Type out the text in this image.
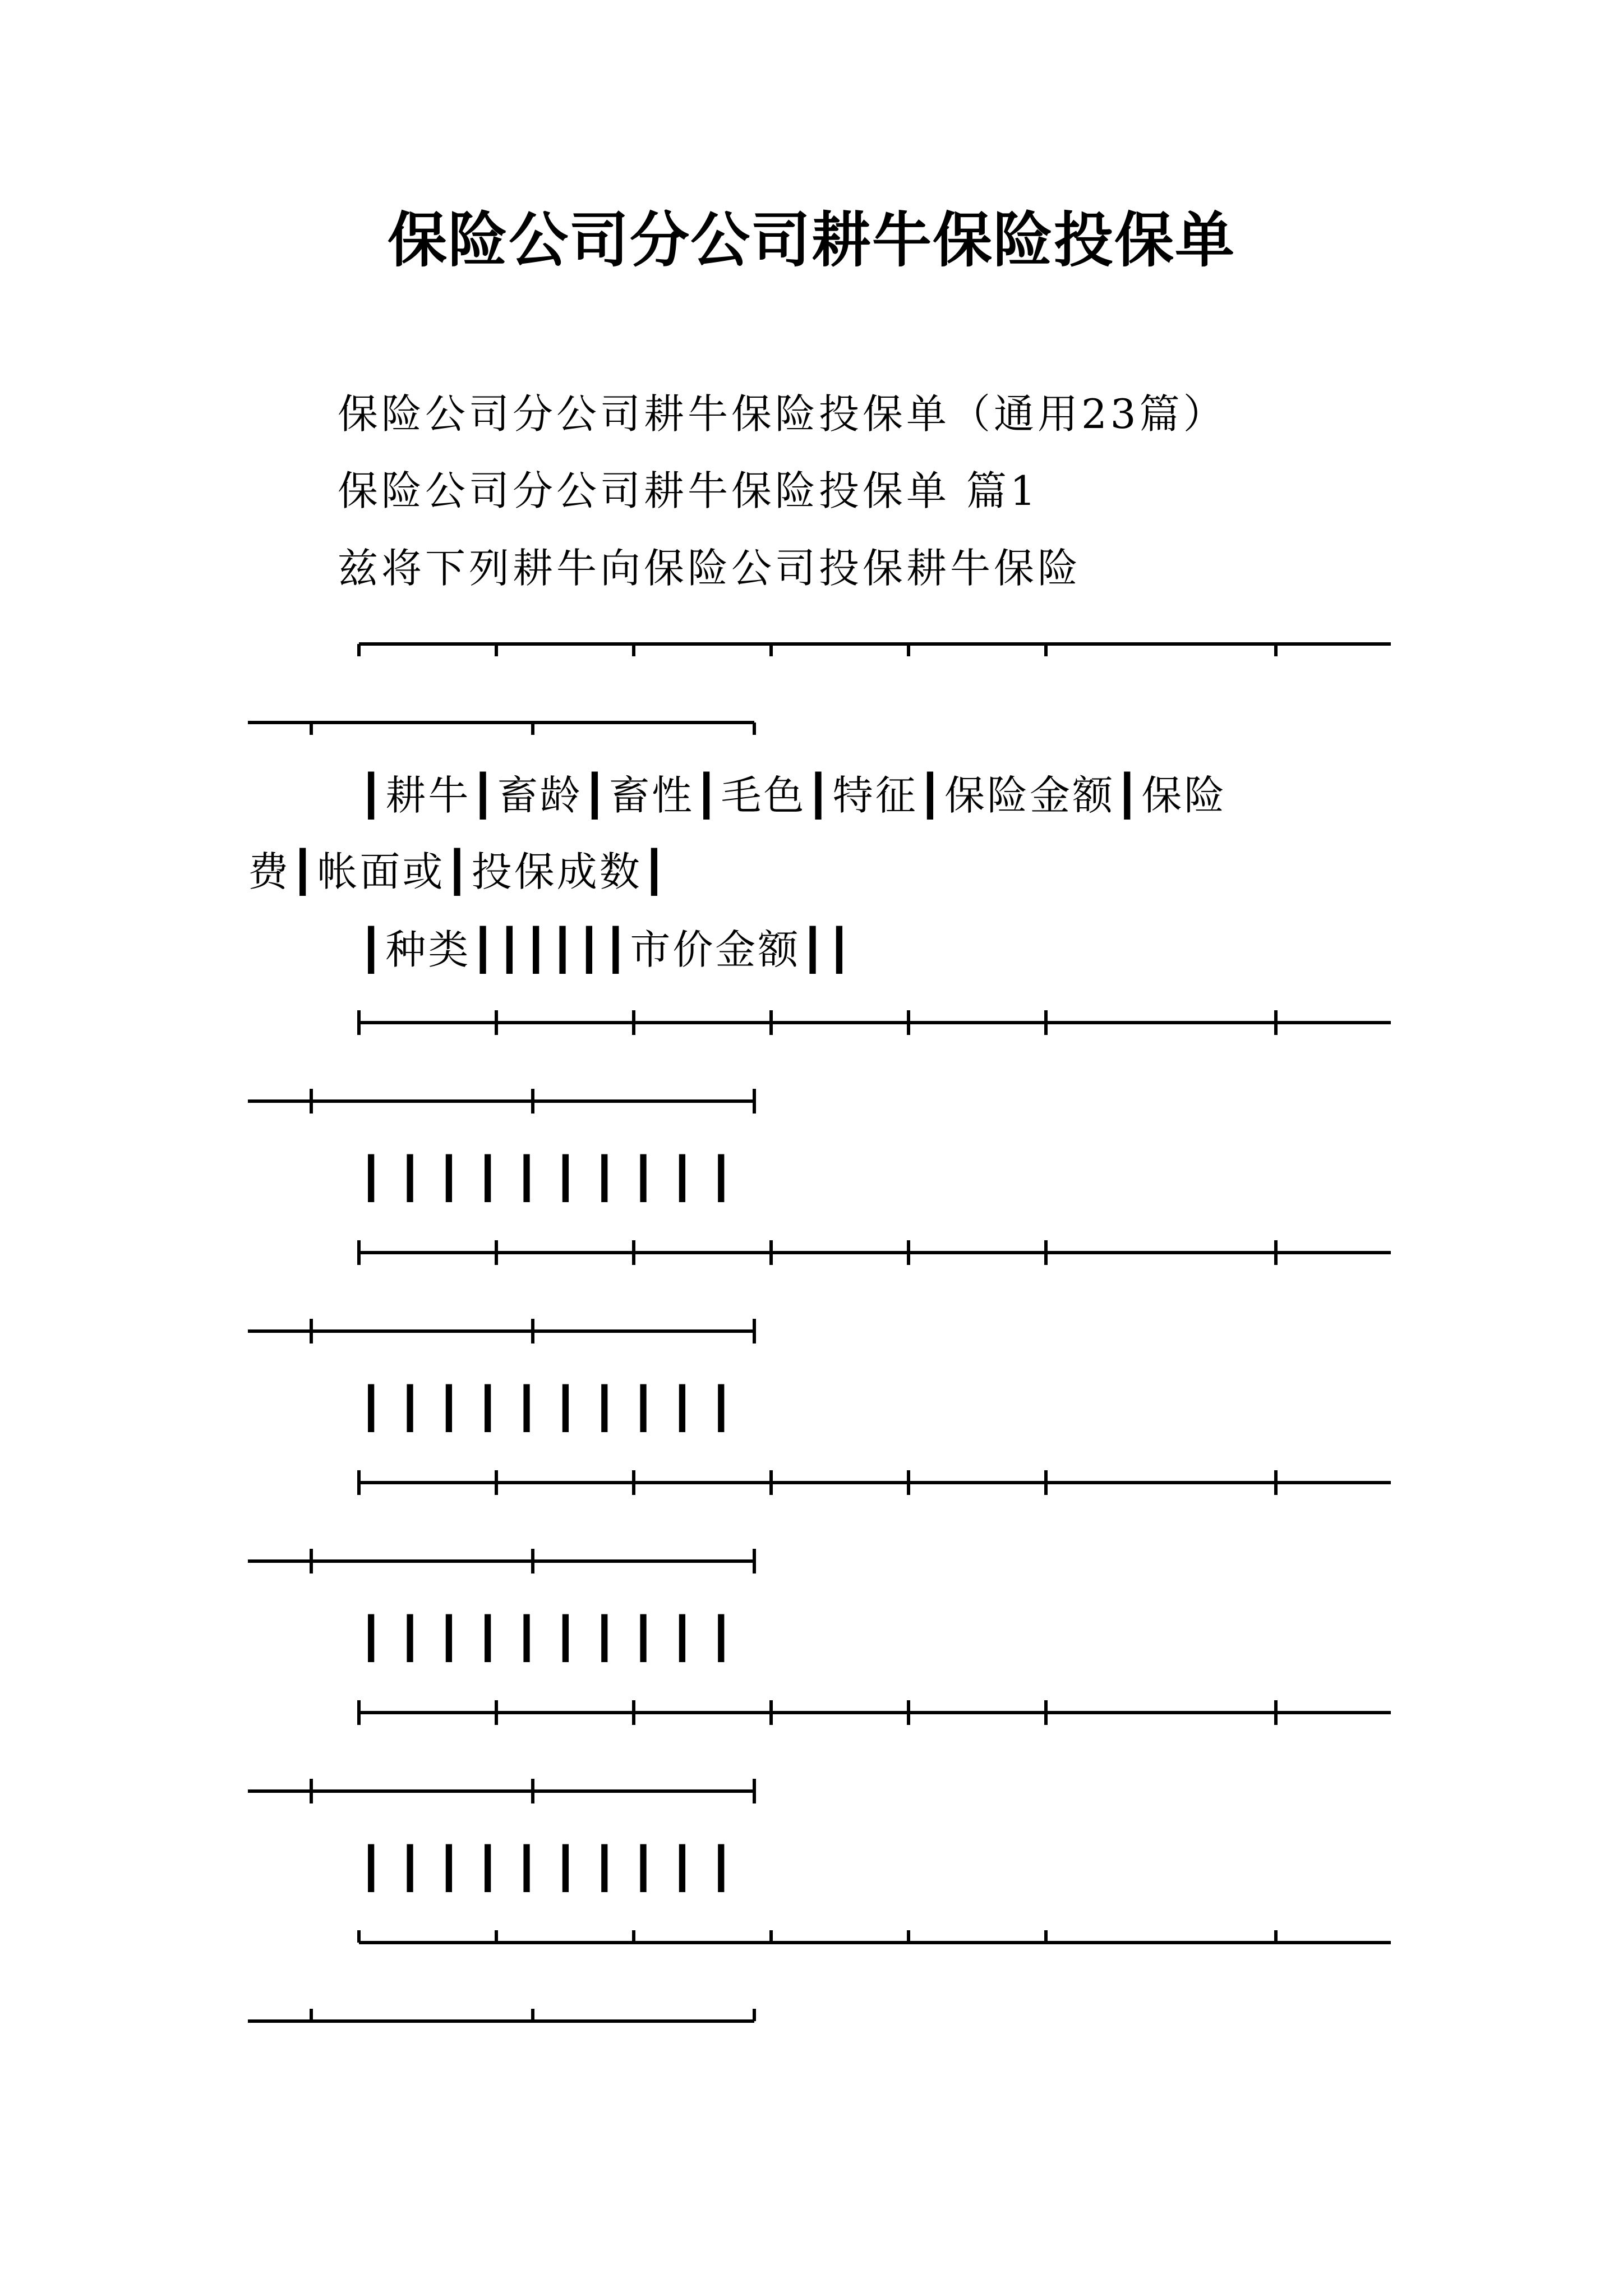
保险公司分公司耕牛保险投保单
保险公司分公司耕牛保险投保单（通用23篇）
保险公司分公司耕牛保险投保单 篇1
兹将下列耕牛向保险公司投保耕牛保险
┃耕牛┃畜龄┃畜性┃毛色┃特征┃保险金额┃保险
费┃帐面或┃投保成数┃
┃种类┃┃┃┃┃┃市价金额┃┃
┃┃┃┃┃┃┃┃┃┃
┃┃┃┃┃┃┃┃┃┃
┃┃┃┃┃┃┃┃┃┃
┃┃┃┃┃┃┃┃┃┃
